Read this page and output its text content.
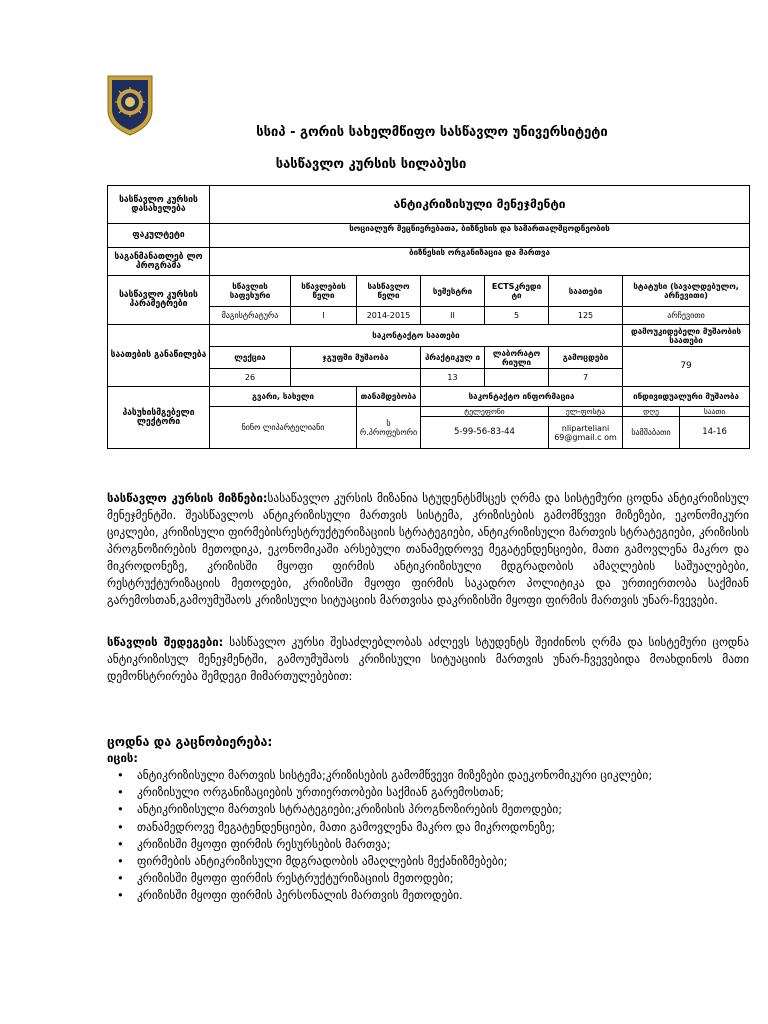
სსიპ - გორის სახელმწიფო სასწავლო უნივერსიტეტი
სასწავლო კურსის სილაბუსი
სასწავლო კურსის დასახელება	ანტიკრიზისული მენეჯმენტი							
ფაკულტეტი	სოციალურ მეცნიერებათა, ბიზნესის და სამართალმცოდნეობის							
საგანმანათლებ ლო პროგრამა	ბიზნესის ორგანიზაცია და მართვა							
სასწავლო კურსის პარამეტრები	სწავლის საფეხური	სწავლების წელი	სასწავლო წელი	სემესტრი	ECTSკრედი ტი	საათები	სტატუსი (სავალდებულო, არჩევითი)	
	მაგისტრატურა	I	2014-2015	II	5	125	არჩევითი	
საათების განაწილება	საკონტაქტო საათები						დამოუკიდებელი მუშაობის საათები	
	ლექცია	ჯგუფში მუშაობა		პრაქტიკულ ი	ლაბორატო რიული	გამოცდები	79	
	26			13		7		
პასუხისმგებელი ლექტორი	გვარი, სახელი		თანამდებობა	საკონტაქტო ინფორმაცია			ინდივიდუალური მუშაობა	
	ნინო ლიპარტელიანი		ს რ.პროფესორი	ტელეფონი		ელ-ფოსტა	დღე	საათი
				5-99-56-83-44		nliparteliani 69@gmail.c om	სამშაბათი	14-16
სასწავლო კურსის მიზნები:სასაწავლო კურსის მიზანია სტუდენტსმსცეს ღრმა და სისტემური ცოდნა ანტიკრიზისულ მენეჯმენტში. შეასწავლოს ანტიკრიზისული მართვის სისტემა, კრიზისების გამომწვევი მიზეზები, ეკონომიკური ციკლები, კრიზისული ფირმებისრესტრუქტურიზაციის სტრატეგიები, ანტიკრიზისული მართვის სტრატეგიები, კრიზისის პროგნოზირების მეთოდიკა, ეკონომიკაში არსებული თანამედროვე მეგატენდენციები, მათი გამოვლენა მაკრო და მიკროდონეზე, კრიზისში მყოფი ფირმის ანტიკრიზისული მდგრადობის ამაღლების საშუალებები, რესტრუქტურიზაციის მეთოდები, კრიზისში მყოფი ფირმის საკადრო პოლიტიკა და ურთიერთობა საქმიან გარემოსთან,გამოუმუშაოს კრიზისული სიტუაციის მართვისა დაკრიზისში მყოფი ფირმის მართვის უნარ-ჩვევები.
სწავლის შედეგები: სასწავლო კურსი შესაძლებლობას აძლევს სტუდენტს შეიძინოს ღრმა და სისტემური ცოდნა ანტიკრიზისულ მენეჯმენტში, გამოუმუშაოს კრიზისული სიტუაციის მართვის უნარ-ჩვევებიდა მოახდინოს მათი დემონსტრირება შემდეგი მიმართულებებით:
ცოდნა და გაცნობიერება:
იცის:
• ანტიკრიზისული მართვის სისტემა;კრიზისების გამომწვევი მიზეზები დაეკონომიკური ციკლები;
• კრიზისული ორგანიზაციების ურთიერთობები საქმიან გარემოსთან;
• ანტიკრიზისული მართვის სტრატეგიები;კრიზისის პროგნოზირების მეთოდები;
• თანამედროვე მეგატენდენციები, მათი გამოვლენა მაკრო და მიკროდონეზე;
• კრიზისში მყოფი ფირმის რესურსების მართვა;
• ფირმების ანტიკრიზისული მდგრადობის ამაღლების მექანიზმებები;
• კრიზისში მყოფი ფირმის რესტრუქტურიზაციის მეთოდები;
• კრიზისში მყოფი ფირმის პერსონალის მართვის მეთოდები.
